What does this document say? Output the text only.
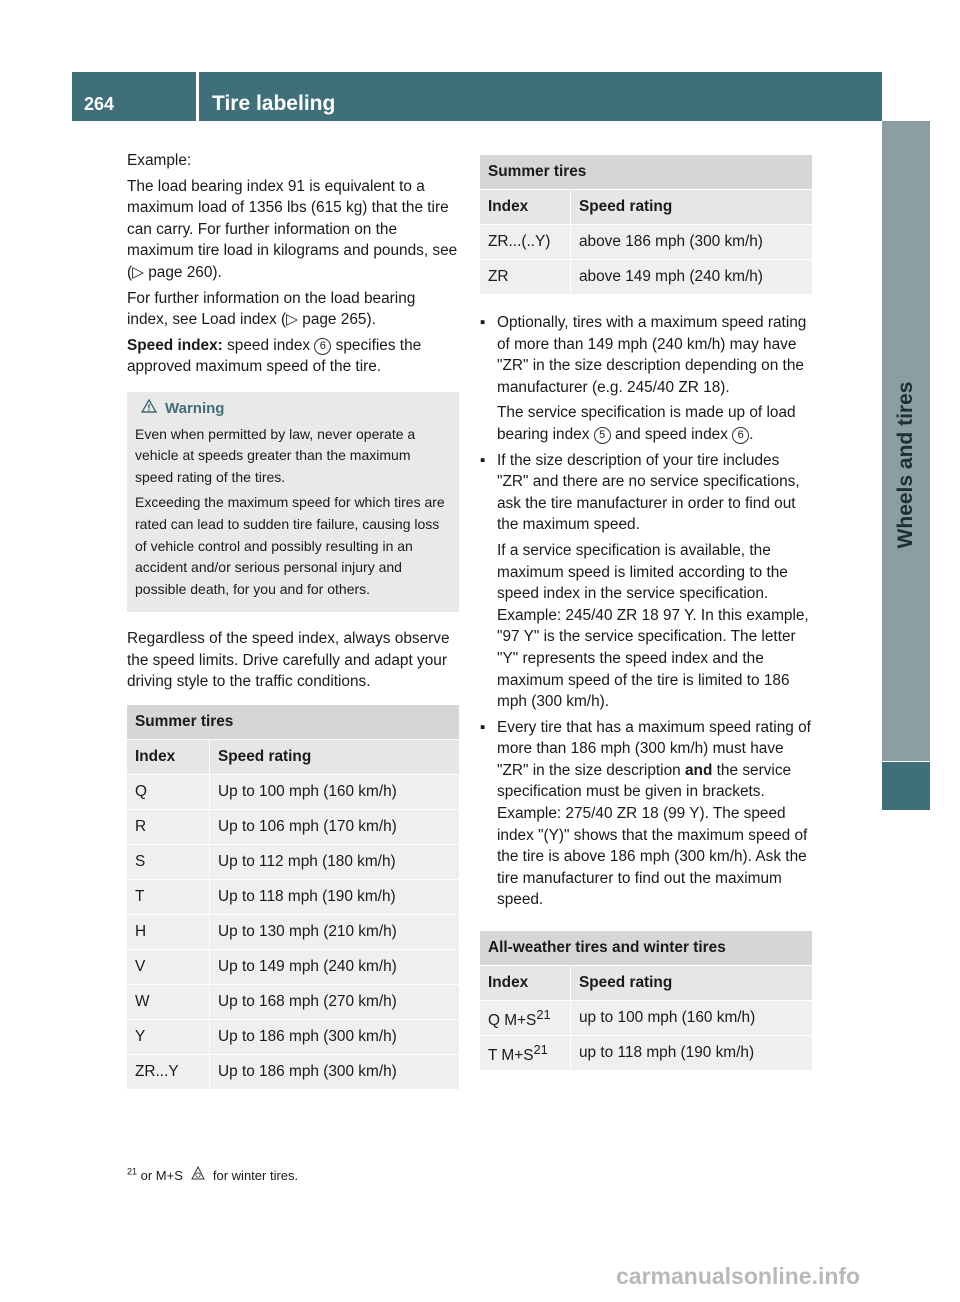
264	Tire labeling
Wheels and tires

Example:

The load bearing index 91 is equivalent to a maximum load of 1356 lbs (615 kg) that the tire can carry. For further information on the maximum tire load in kilograms and pounds, see (▷ page 260).

For further information on the load bearing index, see Load index (▷ page 265).

Speed index: speed index 6 specifies the approved maximum speed of the tire.

Warning

Even when permitted by law, never operate a vehicle at speeds greater than the maximum speed rating of the tires.

Exceeding the maximum speed for which tires are rated can lead to sudden tire failure, causing loss of vehicle control and possibly resulting in an accident and/or serious personal injury and possible death, for you and for others.

Regardless of the speed index, always observe the speed limits. Drive carefully and adapt your driving style to the traffic conditions.

Summer tires	
Index	Speed rating
Q	Up to 100 mph (160 km/h)
R	Up to 106 mph (170 km/h)
S	Up to 112 mph (180 km/h)
T	Up to 118 mph (190 km/h)
H	Up to 130 mph (210 km/h)
V	Up to 149 mph (240 km/h)
W	Up to 168 mph (270 km/h)
Y	Up to 186 mph (300 km/h)
ZR...Y	Up to 186 mph (300 km/h)
Summer tires	
Index	Speed rating
ZR...(..Y)	above 186 mph (300 km/h)
ZR	above 149 mph (240 km/h)

▪ Optionally, tires with a maximum speed rating of more than 149 mph (240 km/h) may have "ZR" in the size description depending on the manufacturer (e.g. 245/40 ZR 18).

The service specification is made up of load bearing index 5 and speed index 6 .

▪ If the size description of your tire includes "ZR" and there are no service specifications, ask the tire manufacturer in order to find out the maximum speed.

If a service specification is available, the maximum speed is limited according to the speed index in the service specification. Example: 245/40 ZR 18 97 Y. In this example, "97 Y" is the service specification. The letter "Y" represents the speed index and the maximum speed of the tire is limited to 186 mph (300 km/h).

▪ Every tire that has a maximum speed rating of more than 186 mph (300 km/h) must have "ZR" in the size description and the service specification must be given in brackets. Example: 275/40 ZR 18 (99 Y). The speed index "(Y)" shows that the maximum speed of the tire is above 186 mph (300 km/h). Ask the tire manufacturer to find out the maximum speed.

All-weather tires and winter tires	
Index	Speed rating
Q $M+S^{21}$	up to 100 mph (160 km/h)
T $M+S^{21}$	up to 118 mph (190 km/h)
$^{21}$ or M+S for winter tires.
carmanualsonline.info
